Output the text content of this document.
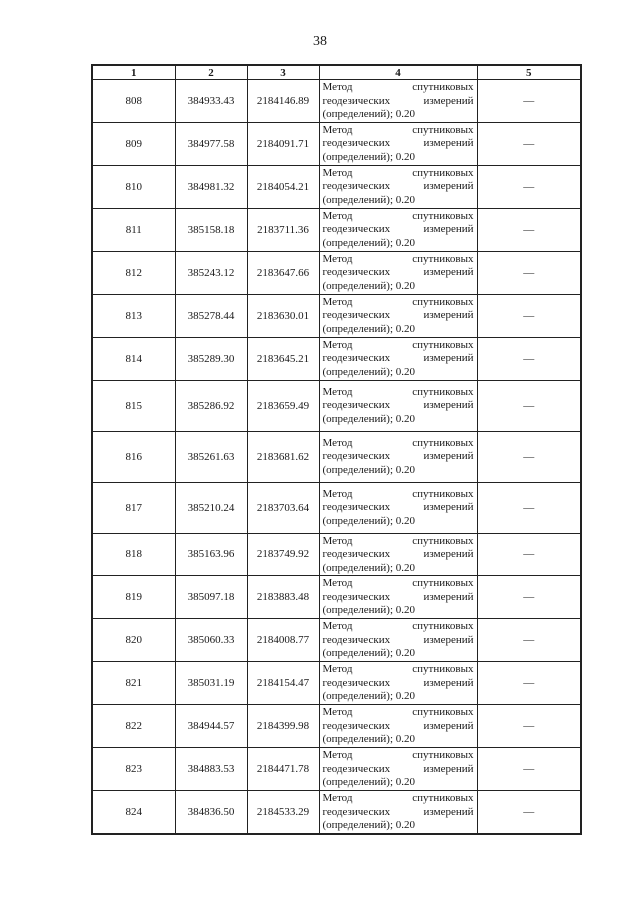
38
1	2	3	4	5
808	384933.43	2184146.89	Метод спутниковых
геодезических измерений
(определений); 0.20	—
809	384977.58	2184091.71	Метод спутниковых
геодезических измерений
(определений); 0.20	—
810	384981.32	2184054.21	Метод спутниковых
геодезических измерений
(определений); 0.20	—
811	385158.18	2183711.36	Метод спутниковых
геодезических измерений
(определений); 0.20	—
812	385243.12	2183647.66	Метод спутниковых
геодезических измерений
(определений); 0.20	—
813	385278.44	2183630.01	Метод спутниковых
геодезических измерений
(определений); 0.20	—
814	385289.30	2183645.21	Метод спутниковых
геодезических измерений
(определений); 0.20	—
815	385286.92	2183659.49	Метод спутниковых
геодезических измерений
(определений); 0.20	—
816	385261.63	2183681.62	Метод спутниковых
геодезических измерений
(определений); 0.20	—
817	385210.24	2183703.64	Метод спутниковых
геодезических измерений
(определений); 0.20	—
818	385163.96	2183749.92	Метод спутниковых
геодезических измерений
(определений); 0.20	—
819	385097.18	2183883.48	Метод спутниковых
геодезических измерений
(определений); 0.20	—
820	385060.33	2184008.77	Метод спутниковых
геодезических измерений
(определений); 0.20	—
821	385031.19	2184154.47	Метод спутниковых
геодезических измерений
(определений); 0.20	—
822	384944.57	2184399.98	Метод спутниковых
геодезических измерений
(определений); 0.20	—
823	384883.53	2184471.78	Метод спутниковых
геодезических измерений
(определений); 0.20	—
824	384836.50	2184533.29	Метод спутниковых
геодезических измерений
(определений); 0.20	—
